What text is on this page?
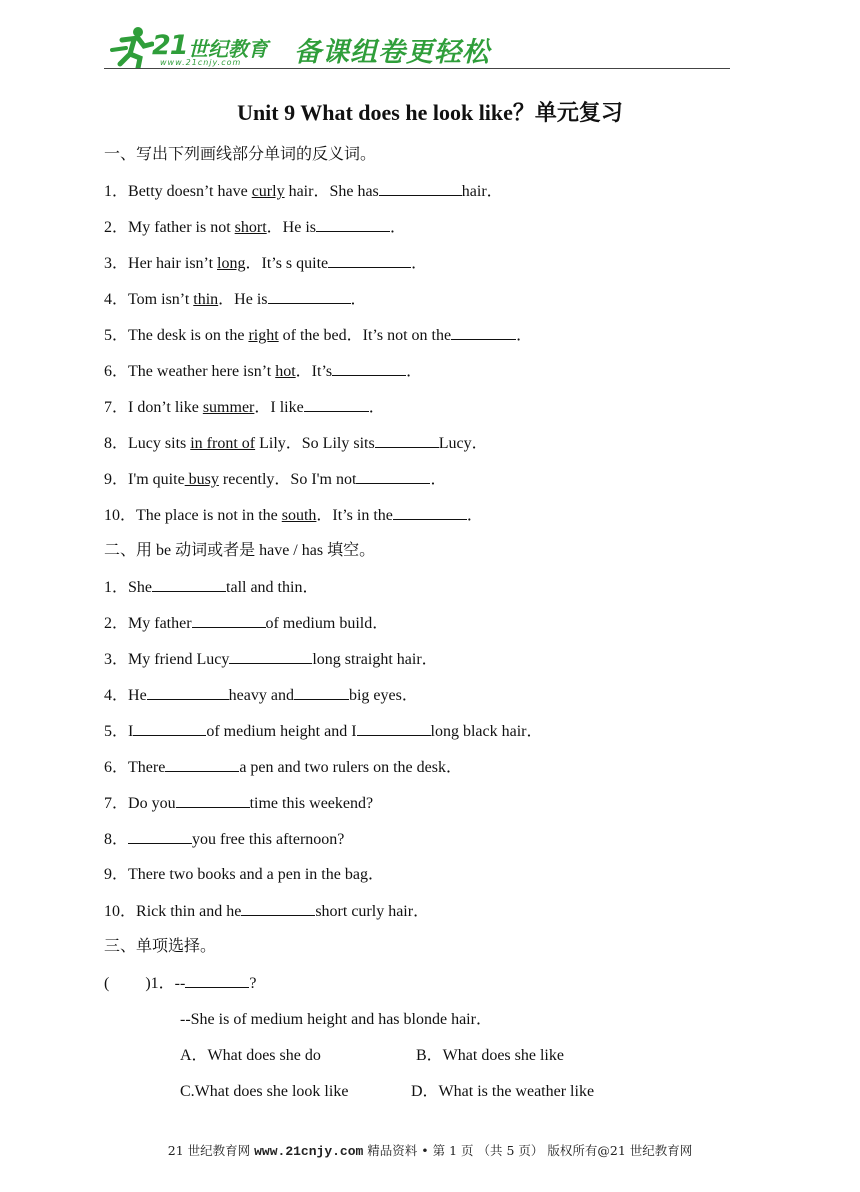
21 世纪教育
www.21cnjy.com 备课组卷更轻松
Unit 9 What does he look like？单元复习
一、写出下列画线部分单词的反义词。
1．Betty doesn’t have curly hair．She has	hair．
2．My father is not short．He is	．
3．Her hair isn’t long．It’s s quite	．
4．Tom isn’t thin．He is	．
5．The desk is on the right of the bed．It’s not on the	．
6．The weather here isn’t hot．It’s	．
7．I don’t like summer．I like	．
8．Lucy sits in front of Lily．So Lily sits	Lucy．
9．I'm quite busy recently．So I'm not	．
10．The place is not in the south．It’s in the	．
二、用 be 动词或者是 have / has 填空。
1．She	tall and thin．
2．My father	of medium build．
3．My friend Lucy	long straight hair．
4．He	heavy and	big eyes．
5．I	of medium height and I	long black hair．
6．There	a pen and two rulers on the desk．
7．Do you	time this weekend?
8．	you free this afternoon?
9．There two books and a pen in the bag．
10．Rick thin and he	short curly hair．
三、单项选择。
( )1．--	?
--She is of medium height and has blonde hair．
A．What does she do	B．What does she like
C.What does she look like	D．What is the weather like
21 世纪教育网 www.21cnjy.com 精品资料 • 第 1 页 （共 5 页） 版权所有@21 世纪教育网
